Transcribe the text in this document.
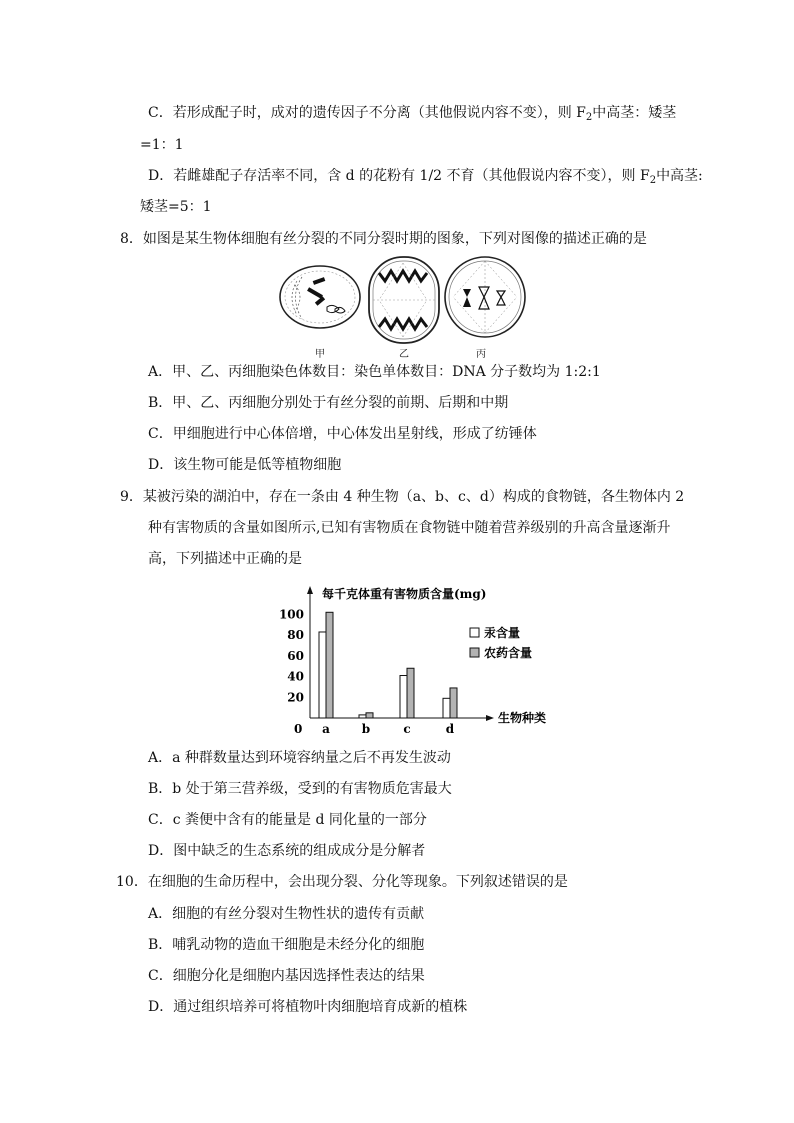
C．若形成配子时，成对的遗传因子不分离（其他假说内容不变），则 $F_2$中高茎：矮茎
=1：1
D．若雌雄配子存活率不同，含 d 的花粉有 1/2 不育（其他假说内容不变），则 $F_2$中高茎:
矮茎=5：1
8．如图是某生物体细胞有丝分裂的不同分裂时期的图象，下列对图像的描述正确的是
甲	乙	丙
A．甲、乙、丙细胞染色体数目：染色单体数目：DNA 分子数均为 1:2:1
B．甲、乙、丙细胞分别处于有丝分裂的前期、后期和中期
C．甲细胞进行中心体倍增，中心体发出星射线，形成了纺锤体
D．该生物可能是低等植物细胞
9．某被污染的湖泊中，存在一条由 4 种生物（a、b、c、d）构成的食物链，各生物体内 2
种有害物质的含量如图所示,已知有害物质在食物链中随着营养级别的升高含量逐渐升
高，下列描述中正确的是
每千克体重有害物质含量(mg)
生物种类
0
20
40
60
80
100
a	b	c	d
汞含量
农药含量
A．a 种群数量达到环境容纳量之后不再发生波动
B．b 处于第三营养级，受到的有害物质危害最大
C．c 粪便中含有的能量是 d 同化量的一部分
D．图中缺乏的生态系统的组成成分是分解者
10．在细胞的生命历程中，会出现分裂、分化等现象。下列叙述错误的是
A．细胞的有丝分裂对生物性状的遗传有贡献
B．哺乳动物的造血干细胞是未经分化的细胞
C．细胞分化是细胞内基因选择性表达的结果
D．通过组织培养可将植物叶肉细胞培育成新的植株
